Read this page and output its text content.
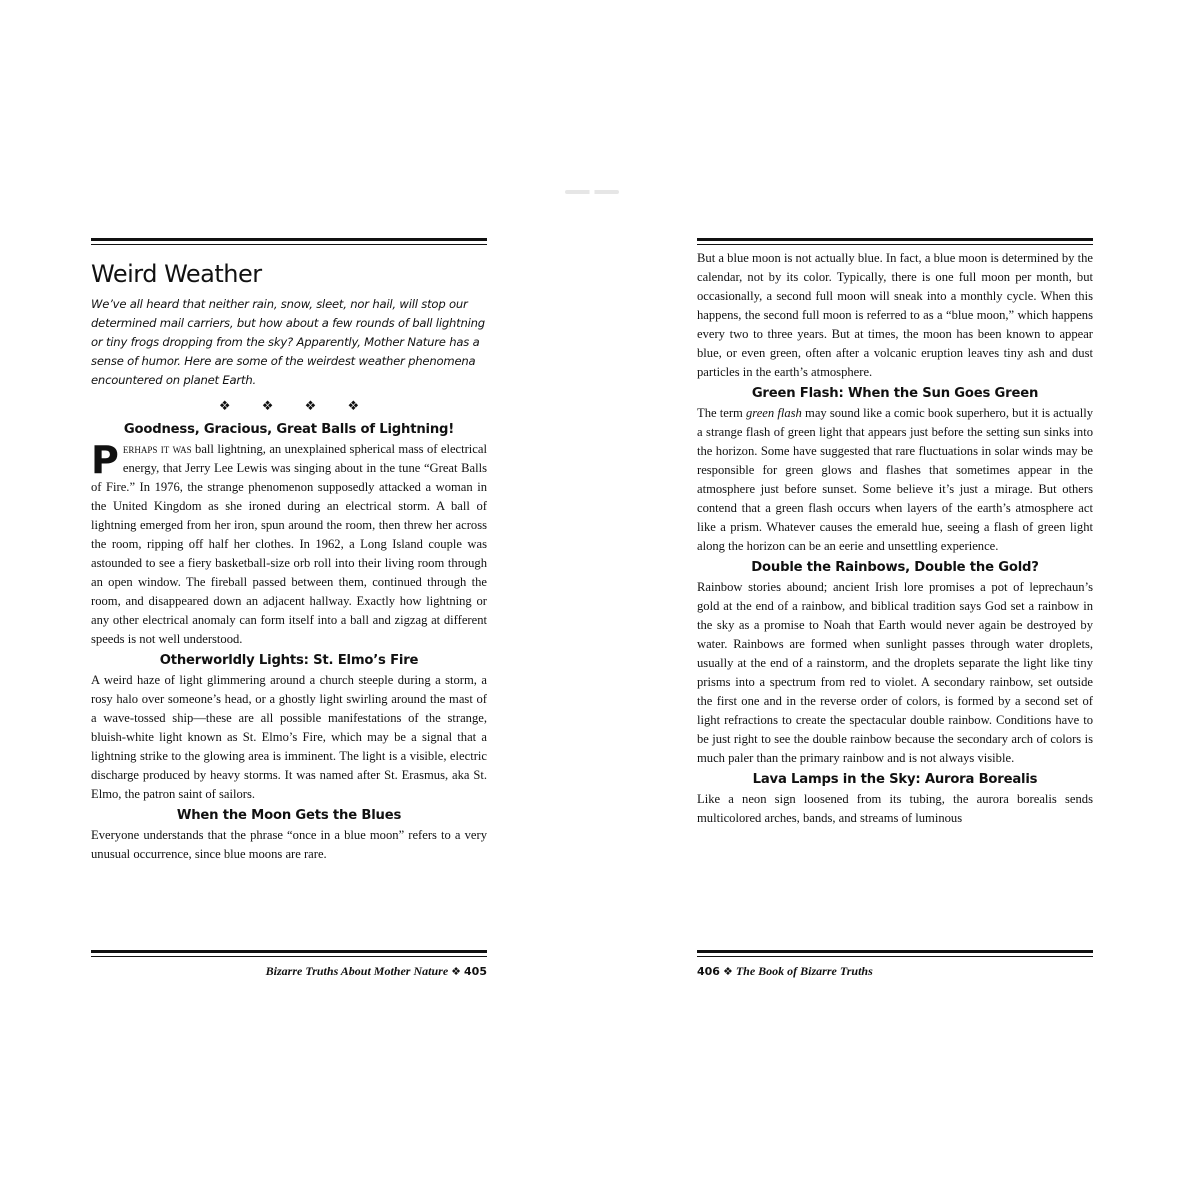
Weird Weather

We’ve all heard that neither rain, snow, sleet, nor hail, will stop our determined mail carriers, but how about a few rounds of ball lightning or tiny frogs dropping from the sky? Apparently, Mother Nature has a sense of humor. Here are some of the weirdest weather phenomena encountered on planet Earth.

❖ ❖ ❖ ❖
Goodness, Gracious, Great Balls of Lightning!

Perhaps it was ball lightning, an unexplained spherical mass of electrical energy, that Jerry Lee Lewis was singing about in the tune “Great Balls of Fire.” In 1976, the strange phenomenon supposedly attacked a woman in the United Kingdom as she ironed during an electrical storm. A ball of lightning emerged from her iron, spun around the room, then threw her across the room, ripping off half her clothes. In 1962, a Long Island couple was astounded to see a fiery basketball-size orb roll into their living room through an open window. The fireball passed between them, continued through the room, and disappeared down an adjacent hallway. Exactly how lightning or any other electrical anomaly can form itself into a ball and zigzag at different speeds is not well understood.

Otherworldly Lights: St. Elmo’s Fire

A weird haze of light glimmering around a church steeple during a storm, a rosy halo over someone’s head, or a ghostly light swirling around the mast of a wave-tossed ship—these are all possible manifestations of the strange, bluish-white light known as St. Elmo’s Fire, which may be a signal that a lightning strike to the glowing area is imminent. The light is a visible, electric discharge produced by heavy storms. It was named after St. Erasmus, aka St. Elmo, the patron saint of sailors.

When the Moon Gets the Blues

Everyone understands that the phrase “once in a blue moon” refers to a very unusual occurrence, since blue moons are rare.

Bizarre Truths About Mother Nature ❖ 405

But a blue moon is not actually blue. In fact, a blue moon is determined by the calendar, not by its color. Typically, there is one full moon per month, but occasionally, a second full moon will sneak into a monthly cycle. When this happens, the second full moon is referred to as a “blue moon,” which happens every two to three years. But at times, the moon has been known to appear blue, or even green, often after a volcanic eruption leaves tiny ash and dust particles in the earth’s atmosphere.

Green Flash: When the Sun Goes Green

The term green flash may sound like a comic book superhero, but it is actually a strange flash of green light that appears just before the setting sun sinks into the horizon. Some have suggested that rare fluctuations in solar winds may be responsible for green glows and flashes that sometimes appear in the atmosphere just before sunset. Some believe it’s just a mirage. But others contend that a green flash occurs when layers of the earth’s atmosphere act like a prism. Whatever causes the emerald hue, seeing a flash of green light along the horizon can be an eerie and unsettling experience.

Double the Rainbows, Double the Gold?

Rainbow stories abound; ancient Irish lore promises a pot of leprechaun’s gold at the end of a rainbow, and biblical tradition says God set a rainbow in the sky as a promise to Noah that Earth would never again be destroyed by water. Rainbows are formed when sunlight passes through water droplets, usually at the end of a rainstorm, and the droplets separate the light like tiny prisms into a spectrum from red to violet. A secondary rainbow, set outside the first one and in the reverse order of colors, is formed by a second set of light refractions to create the spectacular double rainbow. Conditions have to be just right to see the double rainbow because the secondary arch of colors is much paler than the primary rainbow and is not always visible.

Lava Lamps in the Sky: Aurora Borealis

Like a neon sign loosened from its tubing, the aurora borealis sends multicolored arches, bands, and streams of luminous

406 ❖ The Book of Bizarre Truths
